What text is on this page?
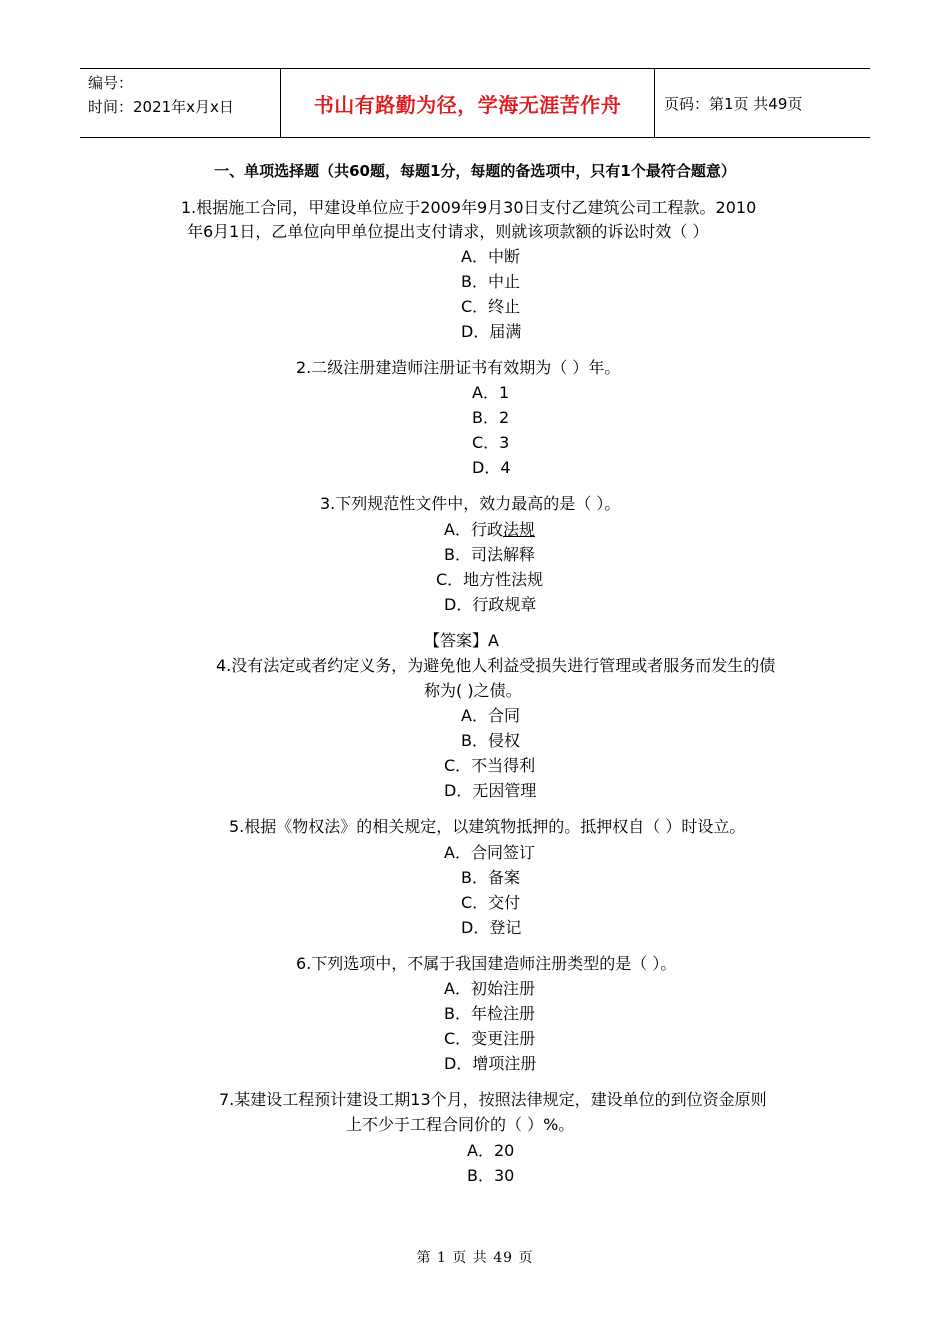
编号：
时间：2021年x月x日	书山有路勤为径，学海无涯苦作舟	页码：第1页 共49页
一、单项选择题（共60题，每题1分，每题的备选项中，只有1个最符合题意）
1.根据施工合同，甲建设单位应于2009年9月30日支付乙建筑公司工程款。2010
年6月1日，乙单位向甲单位提出支付请求，则就该项款额的诉讼时效（ ）
A．中断
B．中止
C．终止
D．届满
2.二级注册建造师注册证书有效期为（ ）年。
A．1
B．2
C．3
D．4
3.下列规范性文件中，效力最高的是（ ）。
A．行政法规
B．司法解释
C．地方性法规
D．行政规章
【答案】A
4.没有法定或者约定义务，为避免他人利益受损失进行管理或者服务而发生的债
称为( )之债。
A．合同
B．侵权
C．不当得利
D．无因管理
5.根据《物权法》的相关规定，以建筑物抵押的。抵押权自（ ）时设立。
A．合同签订
B．备案
C．交付
D．登记
6.下列选项中，不属于我国建造师注册类型的是（ ）。
A．初始注册
B．年检注册
C．变更注册
D．增项注册
7.某建设工程预计建设工期13个月，按照法律规定，建设单位的到位资金原则
上不少于工程合同价的（ ）%。
A．20
B．30
第 1 页 共 49 页
